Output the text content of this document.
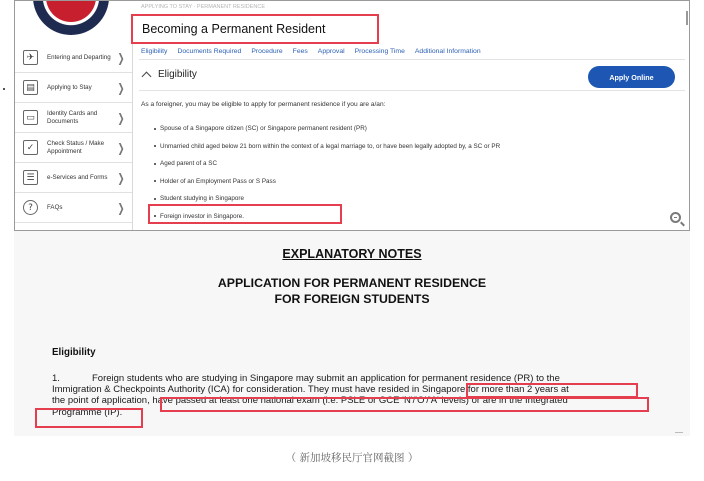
✈	Entering and Departing ❯
▤	Applying to Stay	❯
▭	Identity Cards and Documents	❯
✓	Check Status / Make Appointment	❯
☰	e-Services and Forms ❯
?	FAQs	❯
APPLYING TO STAY · PERMANENT RESIDENCE
Becoming a Permanent Resident
Eligibility Documents Required Procedure Fees Approval Processing Time Additional Information
Eligibility	Apply Online
As a foreigner, you may be eligible to apply for permanent residence if you are a/an:
Spouse of a Singapore citizen (SC) or Singapore permanent resident (PR)
Unmarried child aged below 21 born within the context of a legal marriage to, or have been legally adopted by, a SC or PR
Aged parent of a SC
Holder of an Employment Pass or S Pass
Student studying in Singapore
Foreign investor in Singapore.
EXPLANATORY NOTES
APPLICATION FOR PERMANENT RESIDENCE
FOR FOREIGN STUDENTS
Eligibility
1.	Foreign students who are studying in Singapore may submit an application for permanent residence (PR) to the
Immigration & Checkpoints Authority (ICA) for consideration. They must have resided in Singapore for more than 2 years at
the point of application, have passed at least one national exam (i.e. PSLE or GCE 'N'/'O'/'A' levels) or are in the Integrated
Programme (IP).
（ 新加坡移民厅官网截图 ）
